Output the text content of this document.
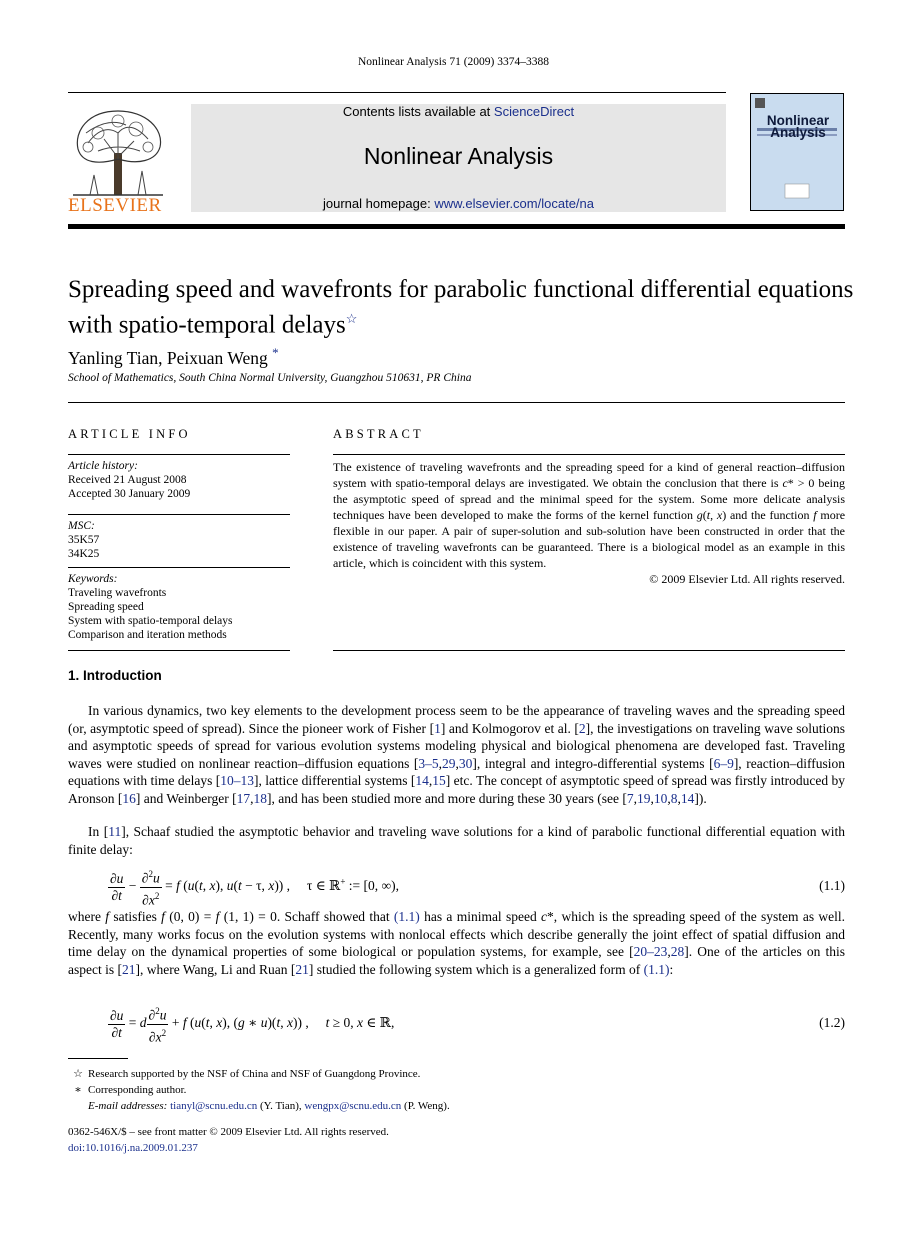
Nonlinear Analysis 71 (2009) 3374–3388
ELSEVIER
Contents lists available at ScienceDirect
Nonlinear Analysis
journal homepage: www.elsevier.com/locate/na
Nonlinear Analysis
Spreading speed and wavefronts for parabolic functional differential equations with spatio-temporal delays☆
Yanling Tian, Peixuan Weng *
School of Mathematics, South China Normal University, Guangzhou 510631, PR China
ARTICLE INFO
Article history:
Received 21 August 2008
Accepted 30 January 2009
MSC:
35K57
34K25
Keywords:
Traveling wavefronts
Spreading speed
System with spatio-temporal delays
Comparison and iteration methods
ABSTRACT
The existence of traveling wavefronts and the spreading speed for a kind of general reaction–diffusion system with spatio-temporal delays are investigated. We obtain the conclusion that there is c* > 0 being the asymptotic speed of spread and the minimal speed for the system. Some more delicate analysis techniques have been developed to make the forms of the kernel function g(t, x) and the function f more flexible in our paper. A pair of super-solution and sub-solution have been constructed in order that the existence of traveling wavefronts can be guaranteed. There is a biological model as an example in this article, which is coincident with this system.
© 2009 Elsevier Ltd. All rights reserved.
1. Introduction
In various dynamics, two key elements to the development process seem to be the appearance of traveling waves and the spreading speed (or, asymptotic speed of spread). Since the pioneer work of Fisher [1] and Kolmogorov et al. [2], the investigations on traveling wave solutions and asymptotic speeds of spread for various evolution systems modeling physical and biological phenomena are developed fast. Traveling waves were studied on nonlinear reaction–diffusion equations [3–5,29,30], integral and integro-differential systems [6–9], reaction–diffusion equations with time delays [10–13], lattice differential systems [14,15] etc. The concept of asymptotic speed of spread was firstly introduced by Aronson [16] and Weinberger [17,18], and has been studied more and more during these 30 years (see [7,19,10,8,14]).
In [11], Schaaf studied the asymptotic behavior and traveling wave solutions for a kind of parabolic functional differential equation with finite delay:
$\frac{\partial u}{\partial t} - \frac{\partial^2u}{\partial x^2} = f$ (u(t, x), u(t − τ, x)) ,     τ ∈ ℝ+ := [0, ∞),	(1.1)
where f satisfies f (0, 0) = f (1, 1) = 0. Schaff showed that (1.1) has a minimal speed c*, which is the spreading speed of the system as well. Recently, many works focus on the evolution systems with nonlocal effects which describe generally the joint effect of spatial diffusion and time delay on the dynamical properties of some biological or population systems, for example, see [20–23,28]. One of the articles on this aspect is [21], where Wang, Li and Ruan [21] studied the following system which is a generalized form of (1.1):
$\frac{\partial u}{\partial t} = d \frac{\partial^2u}{\partial x^2} + f$ (u(t, x), (g ∗ u)(t, x)) ,     t ≥ 0, x ∈ ℝ,	(1.2)
☆ Research supported by the NSF of China and NSF of Guangdong Province.
∗ Corresponding author.
E-mail addresses: tianyl@scnu.edu.cn (Y. Tian), wengpx@scnu.edu.cn (P. Weng).
0362-546X/$ – see front matter © 2009 Elsevier Ltd. All rights reserved.
doi:10.1016/j.na.2009.01.237
